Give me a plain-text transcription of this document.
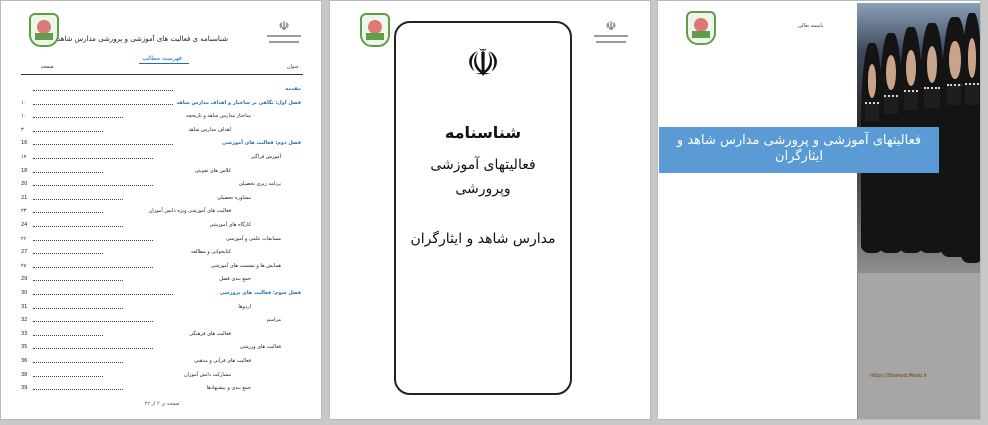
شناسنامه ی فعالیت های آموزشی و پرورشی مدارس شاهد
☫
فهرست مطالب
صفحه	عنوان
مقدمه
۱۰	فصل اول: نگاهی بر ساختار و اهداف مدارس شاهد
۱۰	ساختار مدارس شاهد و تاریخچه
۳	اهداف مدارس شاهد
16	فصل دوم: فعالیت های آموزشی
۱۷	آموزش فراگیر
18	کلاس های تقویتی
20	برنامه ریزی تحصیلی
21	مشاوره تحصیلی
۲۳	فعالیت های آموزشی ویژه دانش آموزان
24	کارگاه های آموزشی
۲۶	مسابقات علمی و آموزشی
27	کتابخوانی و مطالعه
۲۸	همایش ها و نشست های آموزشی
29	جمع بندی فصل
30	فصل سوم: فعالیت های پرورشی
31	اردوها
32	مراسم
33	فعالیت های فرهنگی
35	فعالیت های ورزشی
36	فعالیت های قرآنی و مذهبی
38	مشارکت دانش آموزان
39	جمع بندی و پیشنهادها
صفحه ی ۲ از ۴۲
☫
☫
شناسنامه
فعالیتهای آموزشی
وپرورشی
مدارس شاهد و ایثارگران
باسمه تعالی
فعالیتهای آموزشی و پرورشی مدارس شاهد و ایثارگران
https://Shahed.Medu.ir
